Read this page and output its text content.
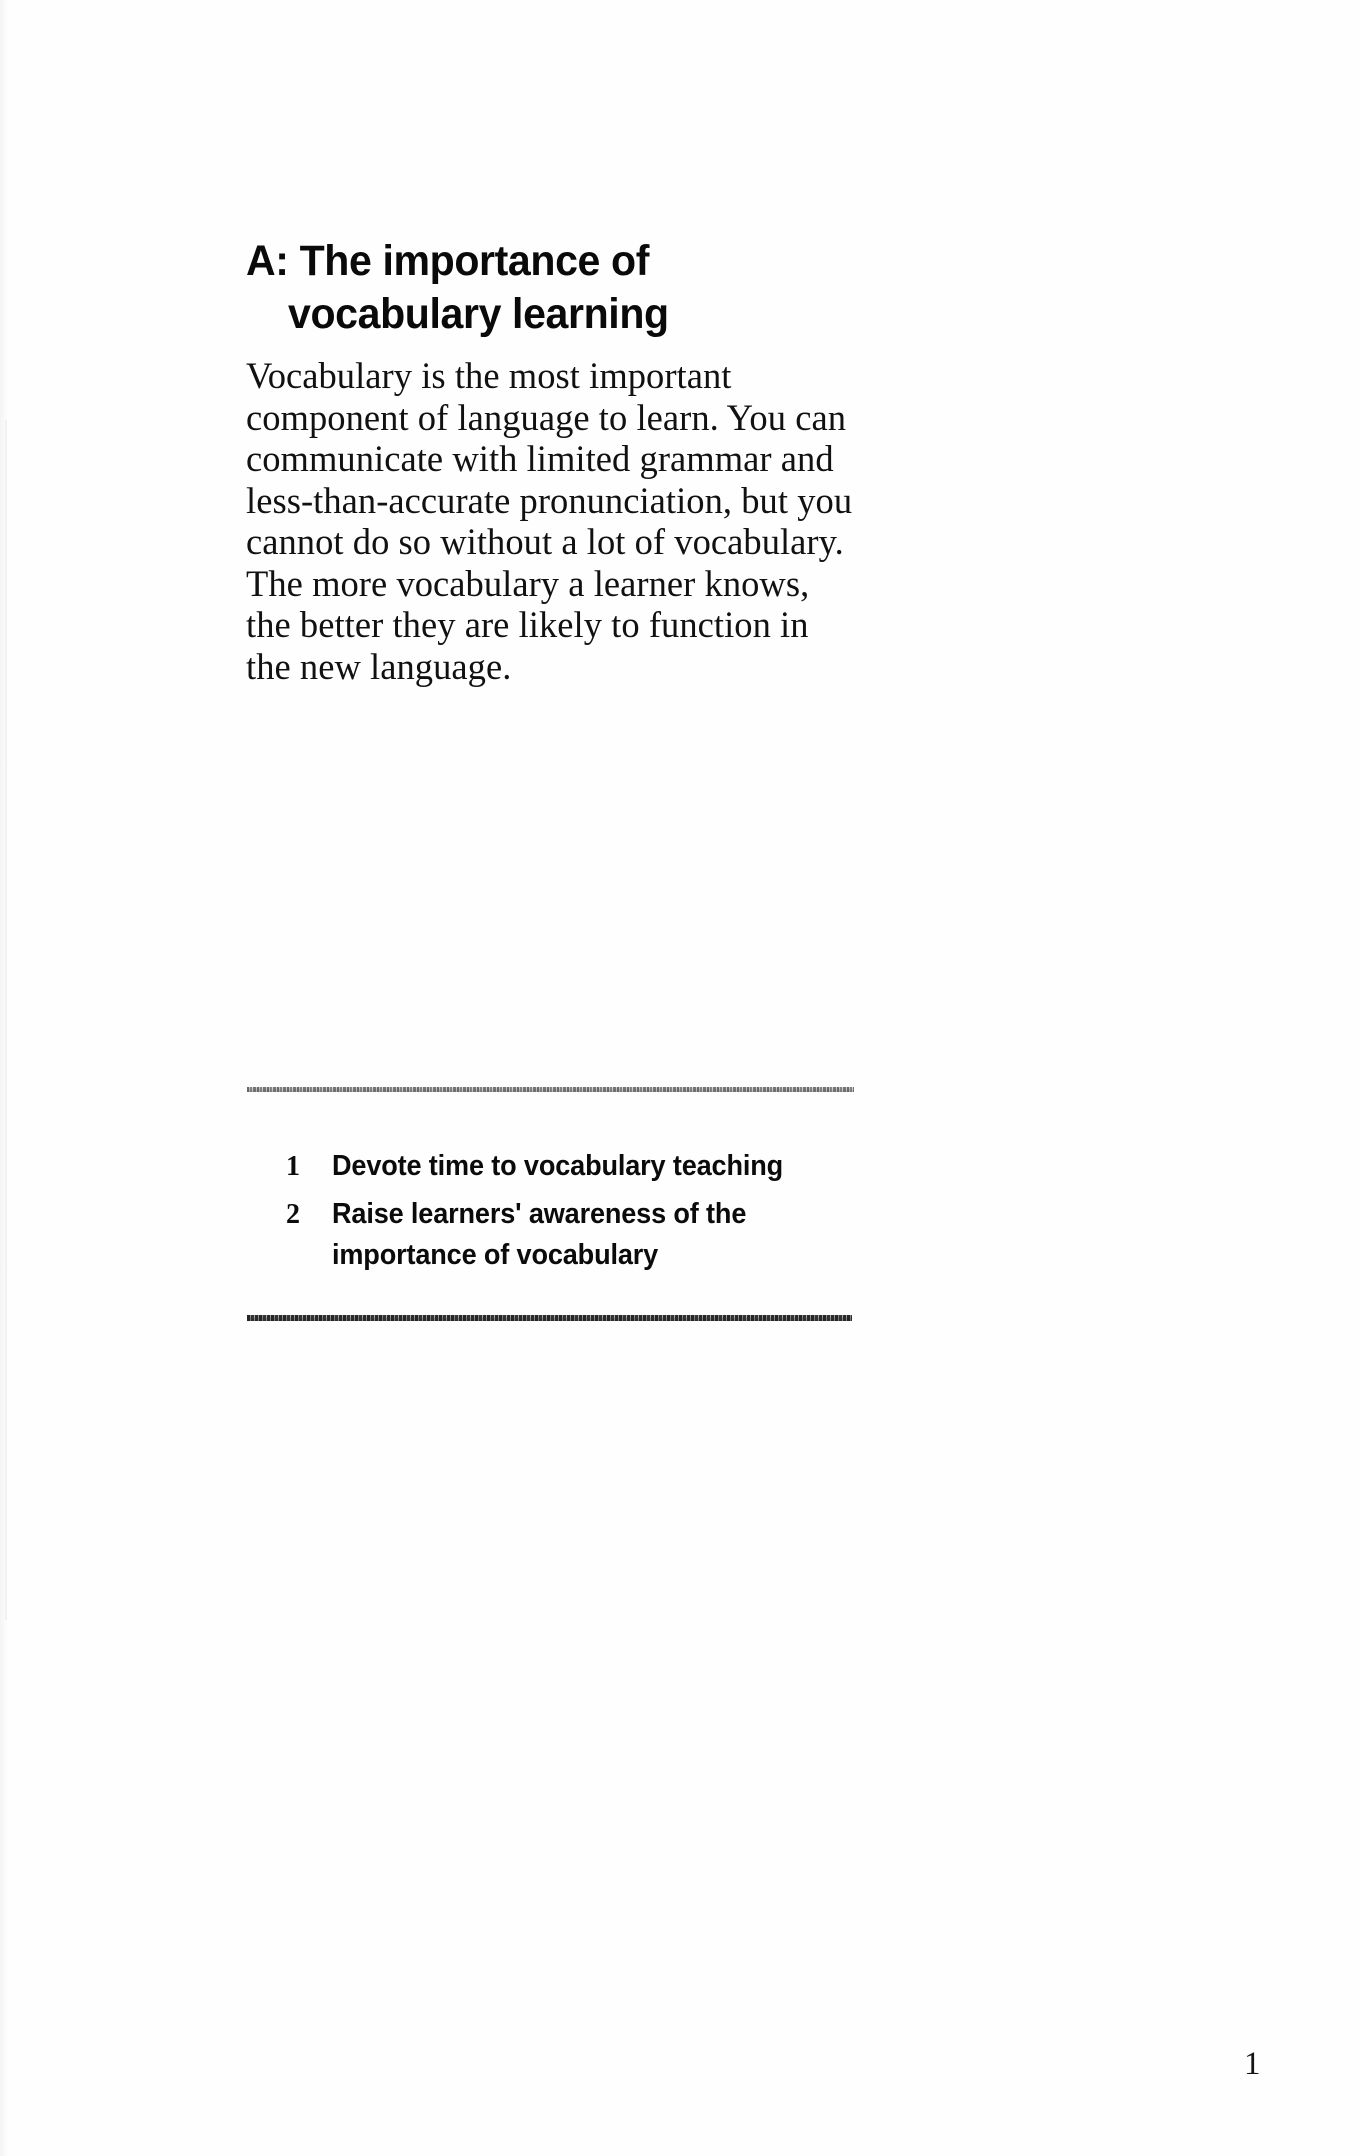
A: The importance of
vocabulary learning
Vocabulary is the most important
component of language to learn. You can
communicate with limited grammar and
less-than-accurate pronunciation, but you
cannot do so without a lot of vocabulary.
The more vocabulary a learner knows,
the better they are likely to function in
the new language.
1	Devote time to vocabulary teaching
2	Raise learners' awareness of the importance of vocabulary
1
